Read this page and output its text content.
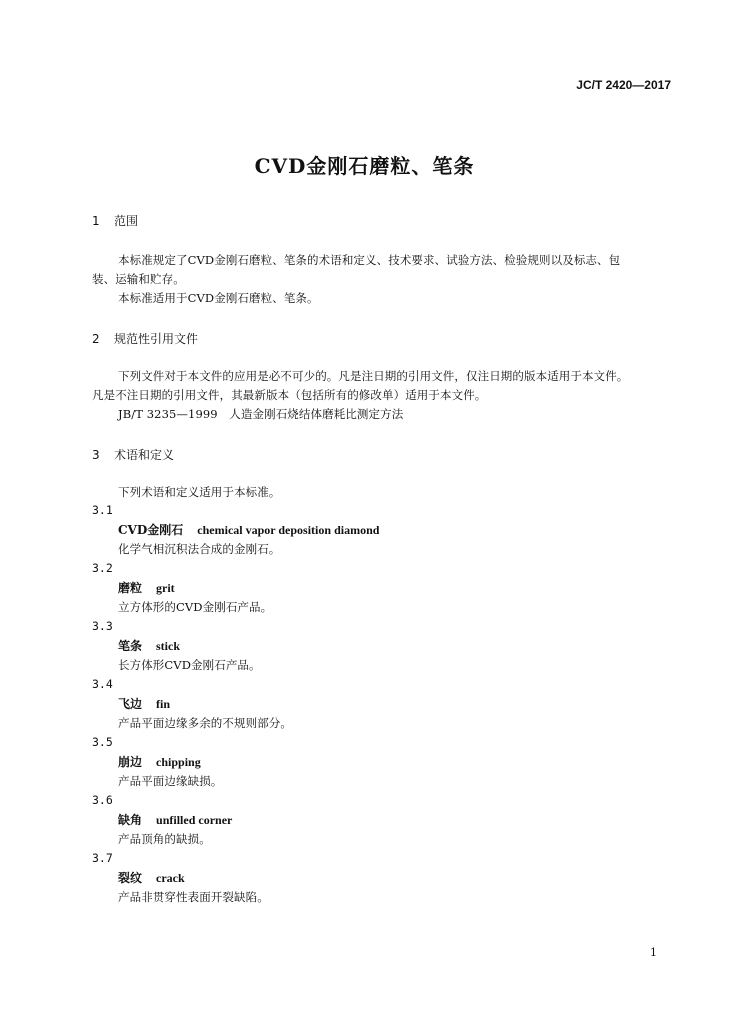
JC/T 2420—2017
CVD金刚石磨粒、笔条
1 范围
本标准规定了CVD金刚石磨粒、笔条的术语和定义、技术要求、试验方法、检验规则以及标志、包
装、运输和贮存。
本标准适用于CVD金刚石磨粒、笔条。
2 规范性引用文件
下列文件对于本文件的应用是必不可少的。凡是注日期的引用文件，仅注日期的版本适用于本文件。
凡是不注日期的引用文件，其最新版本（包括所有的修改单）适用于本文件。
JB/T 3235—1999　人造金刚石烧结体磨耗比测定方法
3 术语和定义
下列术语和定义适用于本标准。
3.1
CVD金刚石 chemical vapor deposition diamond
化学气相沉积法合成的金刚石。
3.2
磨粒 grit
立方体形的CVD金刚石产品。
3.3
笔条 stick
长方体形CVD金刚石产品。
3.4
飞边 fin
产品平面边缘多余的不规则部分。
3.5
崩边 chipping
产品平面边缘缺损。
3.6
缺角 unfilled corner
产品顶角的缺损。
3.7
裂纹 crack
产品非贯穿性表面开裂缺陷。
1
